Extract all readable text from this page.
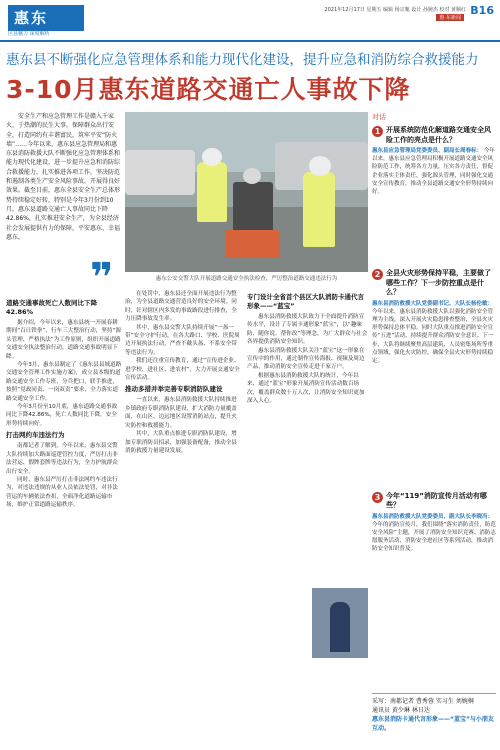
惠东
区县魅力 深度解析
2021年12月17日 星期五 编辑 杨宗胤 设计 孙婉杰 校对 黄顺红
惠·东新闻
B16
惠东县不断强化应急管理体系和能力现代化建设，提升应急和消防综合救援能力
3-10月惠东道路交通亡人事故下降

安全生产和应急管理工作是赣入千家火，于热潮的民生大事。保障群众出行安全，打造同约有丰谐富民，筑牢平安“防火墙”……今年以来，惠东县应急管理局和惠东县消防救援大队不断强化应急管理体系和能力现代化建设，进一步提升应急和消防综合救援能力，扎实推进各项工作，坚决防范和遏制各类生产安全风险事故，开展得良好效果。截至目前，惠东全县安全生产总体形势持续稳定好转，特别是今年3月份到10月，惠东县道路交通亡人事故同比下降42.86%，扎实推进安全生产，为全县经济社会发展提供有力的保障，平安惠东、幸福惠东。

❞	惠东公安交警大队开展道路交通安全执法检查，严厉整治道路交通违法行为
道路交通事故死亡人数同比下降42.86%

据介绍，今年以来，惠东县统一开展春耕期间“百日铁拳”、行车三大整治行动，坚持“源头管理、严格执法”为工作原则，组织开展道路交通安全执法整治行动，道路交通事故明显下降。

今年3月，惠东县制定了《惠东县县域道路交通安全管理工作实施方案》，成立县本级的道路交通安全工作专班，分兵把口，联手推进，按照“党政同责、一岗双责”要求，全力落实道路交通安全工作。

今年3月份至10月底，惠东道路交通事故同比下降42.86%，死亡人数同比下降，安全形势持续向好。

打击网约车违法行为

南都记者了解到，今年以来，惠东县交警大队持续加大路面巡逻管控力度，严厉打击非法营运、假牌套牌等违法行为，全力护航群众出行安全。

同时，惠东县严厉打击非法网约车违法行为，对违法违规的从业人员依法处罚，对非法营运的车辆依法查扣，全面净化道路运输市场，维护正常道路运输秩序。

在处罚中，惠东县还全面开展违法行为整治，为全县道路交通营造良好的安全环境。同时，针对辖区内多发的事故路段进行排查，全力压降事故发生率。

其中，惠东县交警大队持续开展“一盔一带”安全守护行动，在各大路口、学校、医院周边开展执法行动，严查不戴头盔、不系安全带等违法行为。

我们还注重宣传教育，通过“宣传进企业、进学校、进社区、进农村”，大力开展交通安全宣传活动。

推动多措并举完善专职消防队建设

一直以来，惠东县消防救援大队持续推进乡镇政府专职消防队建设，扩大消防力量覆盖面，在山区、边远地区设置消防站点，提升火灾防控和救援能力。

其中，大队重点推进专职消防队建设，增加专职消防员招录，加强装备配备，推动全县消防救援力量建设发展。

专门设计全省首个县区大队消防卡通代言形象——“蓝宝”

惠东县消防救援大队致力于全面提升消防宣传水平，设计了专属卡通形象“蓝宝”，以“趣味防、随你说、帮你改”等理念，为广大群众与社会各界提供消防安全知识。

惠东县消防救援大队关注“蓝宝”这一形象在宣传中的作用，通过制作宣传海报、视频及周边产品，推动消防安全宣传走进千家万户。

根据惠东县消防救援大队的统计，今年以来，通过“蓝宝”形象开展消防宣传活动数百场次，覆盖群众数十万人次，让消防安全知识更加深入人心。

对话
1 开展系统防范化解道路交通安全风险工作的亮点是什么？
惠东县应急管理局党委委员、副局长周春标： 今年以来，惠东县应急管理局积极开展道路交通安全风险防范工作，统筹各方力量，压实各方责任，督促企业落实主体责任，强化源头管理，同时强化交通安全宣传教育，推动全县道路交通安全形势持续向好。
2 全县火灾形势保持平稳，主要做了哪些工作？下一步防控重点是什么？
惠东县消防救援大队党委副书记、大队长杨伦敏： 今年以来，惠东县消防救援大队以强化消防安全管理为主线，深入开展火灾隐患排查整治，全县火灾形势保持总体平稳。同时大队重点推进消防安全宣传“五进”活动，持续提升群众消防安全意识。下一步，大队将继续聚焦高层建筑、人员密集场所等重点领域，强化火灾防控，确保全县火灾形势持续稳定。
3 今年“119”消防宣传月活动有哪些？
惠东县消防救援大队党委委员、副大队长李晓冯： 今年的消防宣传月，我们围绕“落实消防责任，防范安全风险”主题，开展了消防安全知识竞赛、消防志愿服务活动、消防安全进社区等系列活动，推动消防安全知识普及。
采写：南都记者 曹秀蓉 实习生 刘婉桐
通讯员 黄少琳 林日达
惠东县消防卡通代言形象——“蓝宝”与小朋友互动。
